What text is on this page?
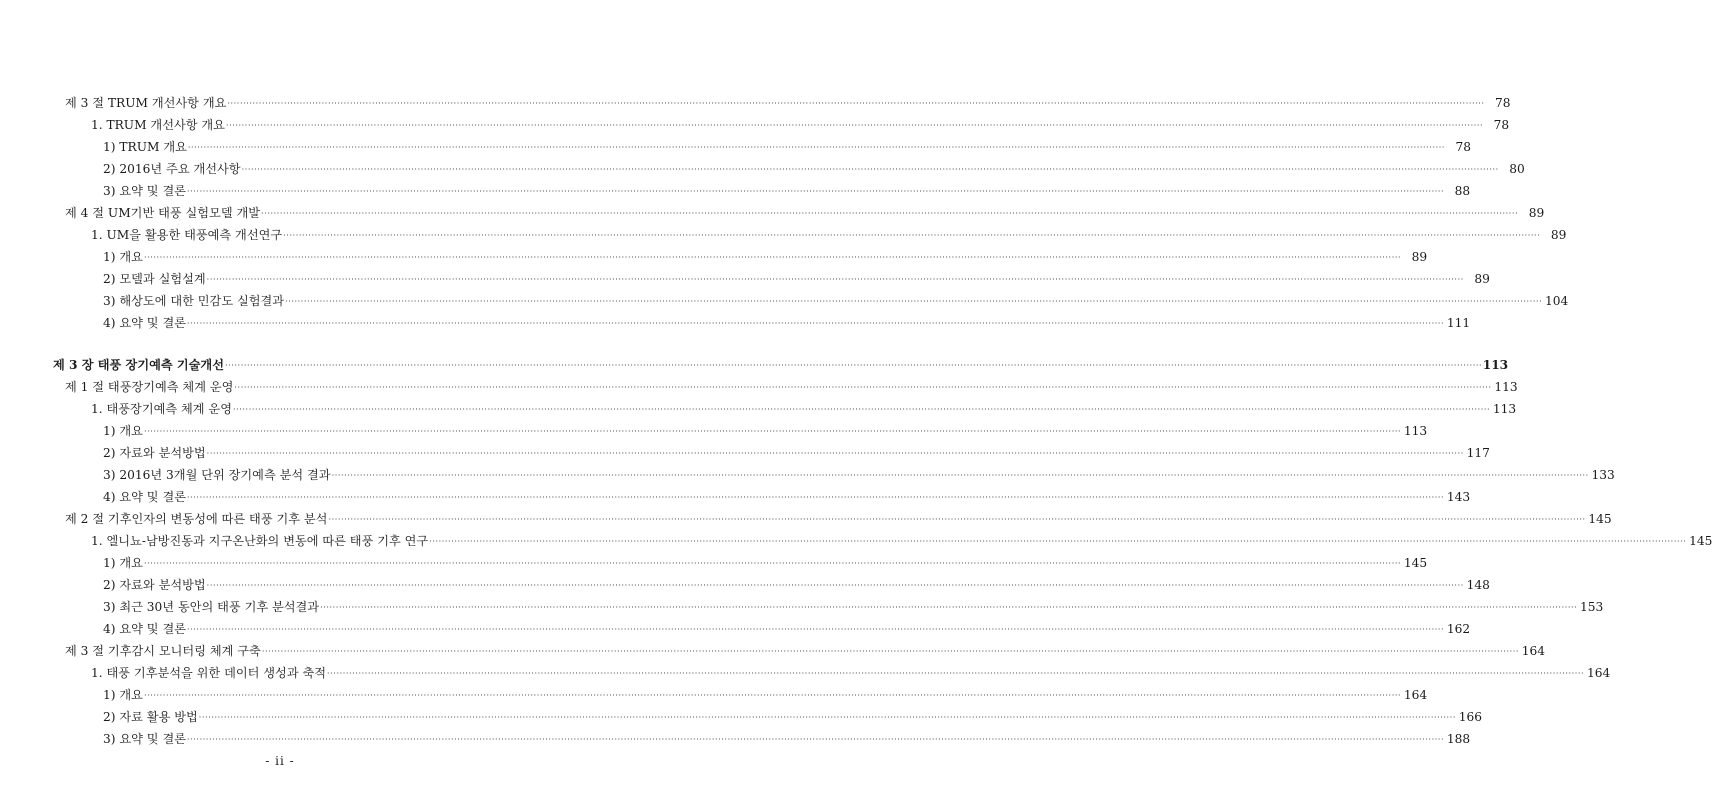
제 3 절 TRUM 개선사항 개요 ················································································································································································································································································································································································································ 78
1. TRUM 개선사항 개요 ················································································································································································································································································································································································································ 78
1) TRUM 개요 ················································································································································································································································································································································································································ 78
2) 2016년 주요 개선사항 ················································································································································································································································································································································································································ 80
3) 요약 및 결론 ················································································································································································································································································································································································································ 88
제 4 절 UM기반 태풍 실험모델 개발 ················································································································································································································································································································································································································ 89
1. UM을 활용한 태풍예측 개선연구 ················································································································································································································································································································································································································ 89
1) 개요 ················································································································································································································································································································································································································ 89
2) 모델과 실험설계 ················································································································································································································································································································································································································ 89
3) 해상도에 대한 민감도 실험결과 ················································································································································································································································································································································································································ 104
4) 요약 및 결론 ················································································································································································································································································································································································································ 111
제 3 장 태풍 장기예측 기술개선 ················································································································································································································································································································································································································ 113
제 1 절 태풍장기예측 체계 운영 ················································································································································································································································································································································································································ 113
1. 태풍장기예측 체계 운영 ················································································································································································································································································································································································································ 113
1) 개요 ················································································································································································································································································································································································································ 113
2) 자료와 분석방법 ················································································································································································································································································································································································································ 117
3) 2016년 3개월 단위 장기예측 분석 결과 ················································································································································································································································································································································································································ 133
4) 요약 및 결론 ················································································································································································································································································································································································································ 143
제 2 절 기후인자의 변동성에 따른 태풍 기후 분석 ················································································································································································································································································································································································································ 145
1. 엘니뇨-남방진동과 지구온난화의 변동에 따른 태풍 기후 연구 ················································································································································································································································································································································································································ 145
1) 개요 ················································································································································································································································································································································································································ 145
2) 자료와 분석방법 ················································································································································································································································································································································································································ 148
3) 최근 30년 동안의 태풍 기후 분석결과 ················································································································································································································································································································································································································ 153
4) 요약 및 결론 ················································································································································································································································································································································································································ 162
제 3 절 기후감시 모니터링 체계 구축 ················································································································································································································································································································································································································ 164
1. 태풍 기후분석을 위한 데이터 생성과 축적 ················································································································································································································································································································································································································ 164
1) 개요 ················································································································································································································································································································································································································ 164
2) 자료 활용 방법 ················································································································································································································································································································································································································ 166
3) 요약 및 결론 ················································································································································································································································································································································································································ 188
- ii -
